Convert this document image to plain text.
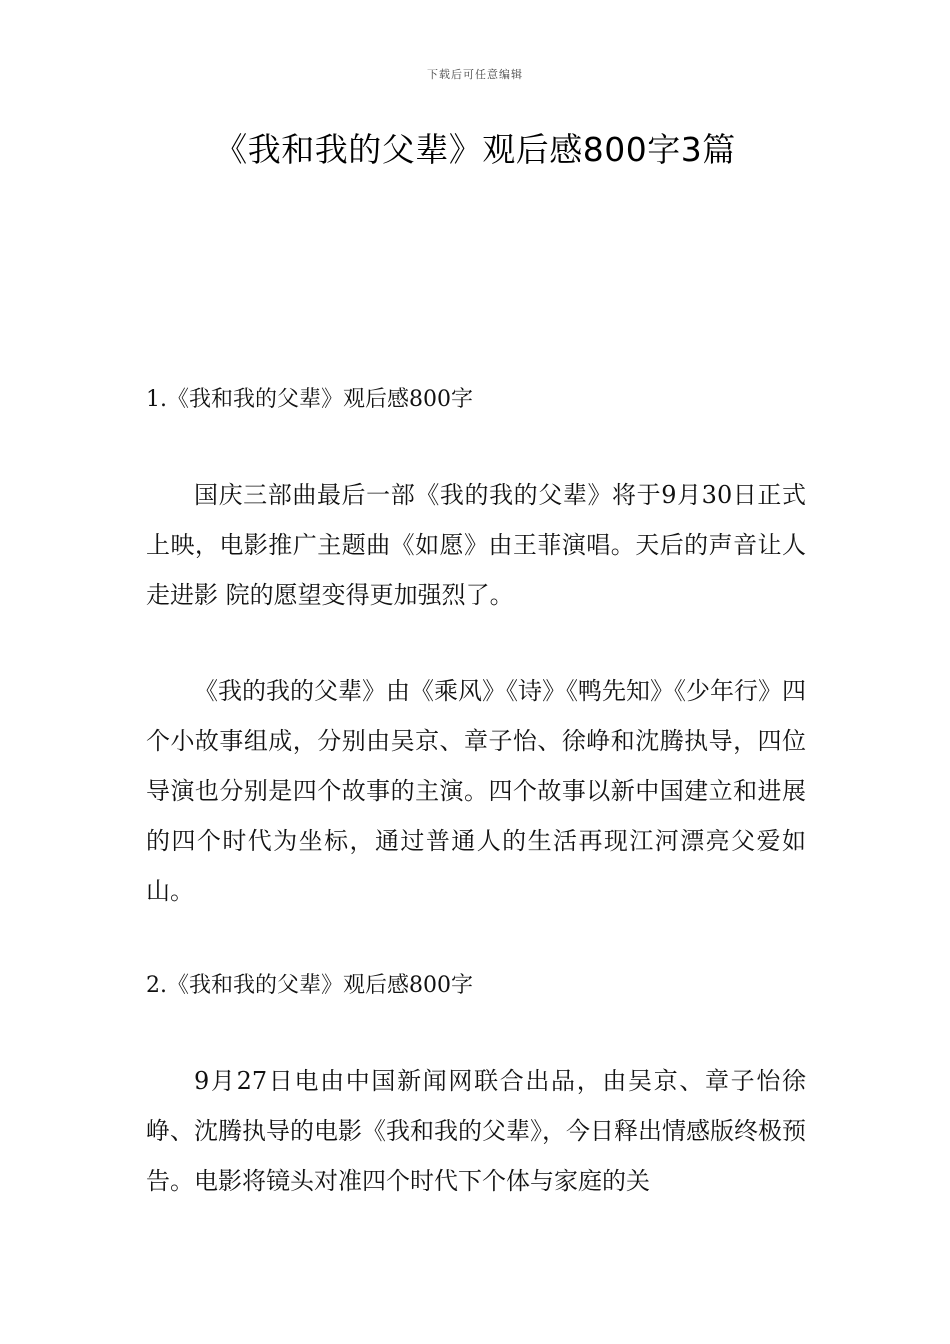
下载后可任意编辑
《我和我的父辈》观后感800字3篇
1.《我和我的父辈》观后感800字

国庆三部曲最后一部《我的我的父辈》将于9月30日正式上映，电影推广主题曲《如愿》由王菲演唱。天后的声音让人走进影 院的愿望变得更加强烈了。

《我的我的父辈》由《乘风》《诗》《鸭先知》《少年行》四个小故事组成，分别由吴京、章子怡、徐峥和沈腾执导，四位导演也分别是四个故事的主演。四个故事以新中国建立和进展的四个时代为坐标，通过普通人的生活再现江河漂亮父爱如山。

2.《我和我的父辈》观后感800字

9月27日电由中国新闻网联合出品，由吴京、章子怡徐峥、沈腾执导的电影《我和我的父辈》，今日释出情感版终极预告。电影将镜头对准四个时代下个体与家庭的关
